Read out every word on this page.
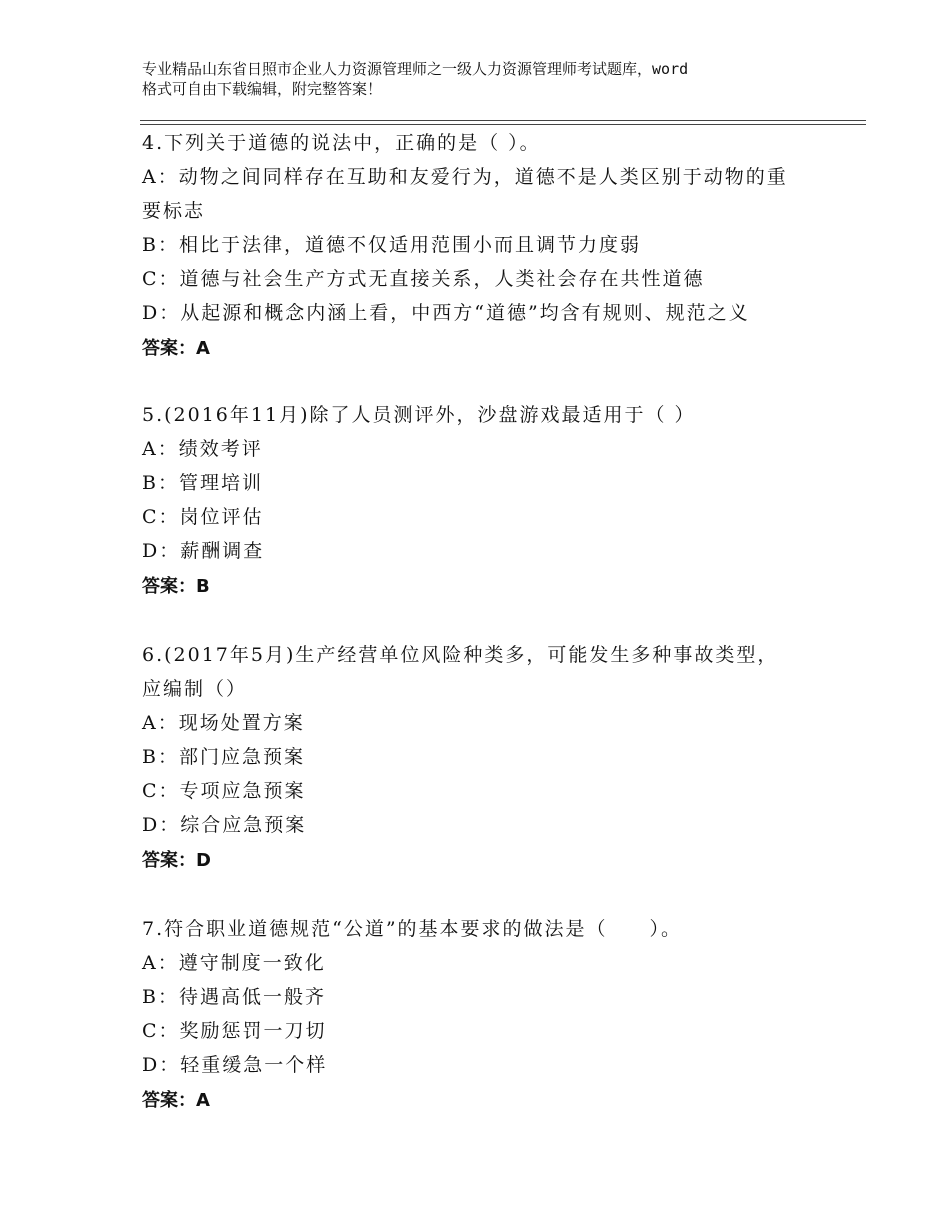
专业精品山东省日照市企业人力资源管理师之一级人力资源管理师考试题库，word
格式可自由下载编辑，附完整答案！
4.下列关于道德的说法中，正确的是（ ）。
A：动物之间同样存在互助和友爱行为，道德不是人类区别于动物的重
要标志
B：相比于法律，道德不仅适用范围小而且调节力度弱
C：道德与社会生产方式无直接关系，人类社会存在共性道德
D：从起源和概念内涵上看，中西方“道德”均含有规则、规范之义
答案：A
5.(2016年11月)除了人员测评外，沙盘游戏最适用于（ ）
A：绩效考评
B：管理培训
C：岗位评估
D：薪酬调查
答案：B
6.(2017年5月)生产经营单位风险种类多，可能发生多种事故类型，
应编制（）
A：现场处置方案
B：部门应急预案
C：专项应急预案
D：综合应急预案
答案：D
7.符合职业道德规范“公道”的基本要求的做法是（　　）。
A：遵守制度一致化
B：待遇高低一般齐
C：奖励惩罚一刀切
D：轻重缓急一个样
答案：A
